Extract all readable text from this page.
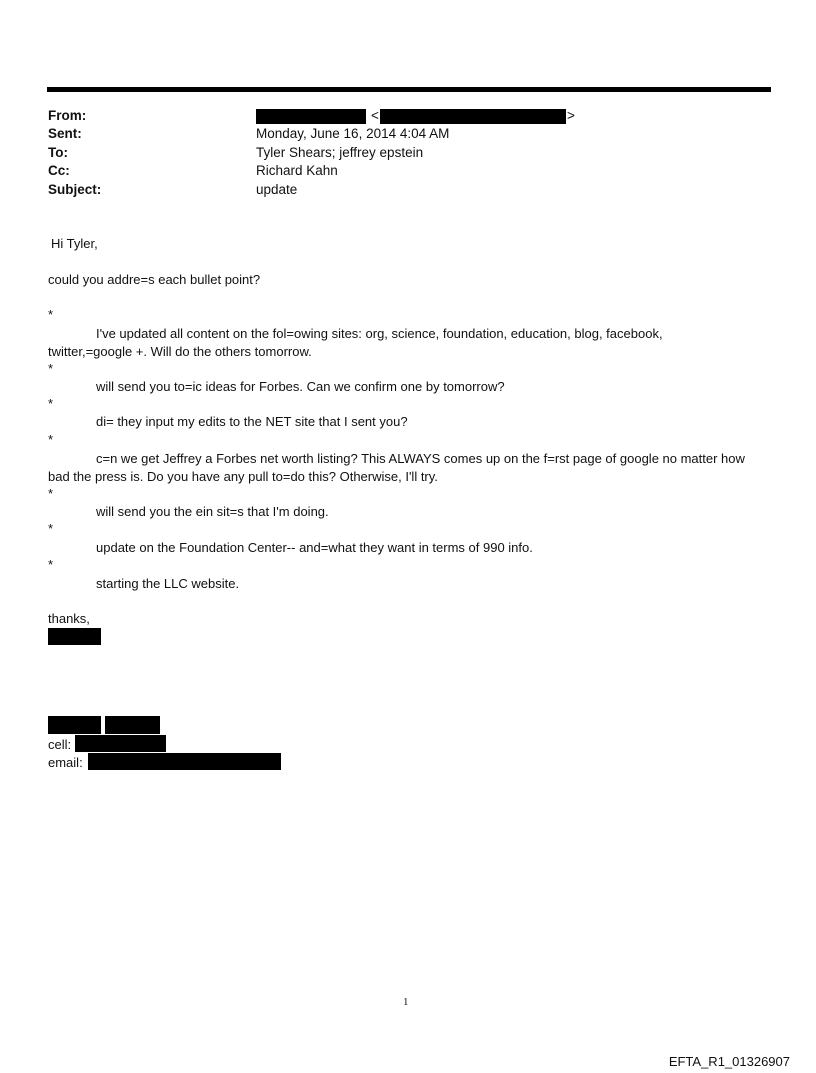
From:
Sent:
To:
Cc:
Subject:
<	>
Monday, June 16, 2014 4:04 AM
Tyler Shears; jeffrey epstein
Richard Kahn
update
Hi Tyler,
could you addre=s each bullet point?
*
I've updated all content on the fol=owing sites: org, science, foundation, education, blog, facebook,
twitter,=google +. Will do the others tomorrow.
*
will send you to=ic ideas for Forbes. Can we confirm one by tomorrow?
*
di= they input my edits to the NET site that I sent you?
*
c=n we get Jeffrey a Forbes net worth listing? This ALWAYS comes up on the f=rst page of google no matter how
bad the press is. Do you have any pull to=do this? Otherwise, I'll try.
*
will send you the ein sit=s that I'm doing.
*
update on the Foundation Center-- and=what they want in terms of 990 info.
*
starting the LLC website.
thanks,
cell:
email:
1
EFTA_R1_01326907
